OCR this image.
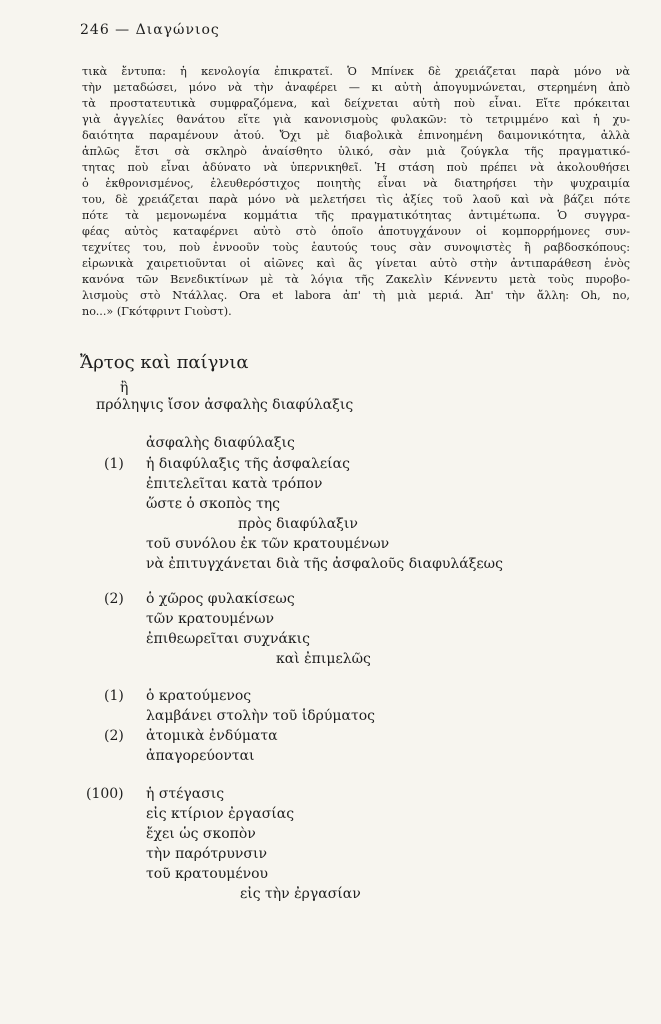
246 — Διαγώνιος
τικὰ ἔντυπα: ἡ κενολογία ἐπικρατεῖ. Ὁ Μπίνεκ δὲ χρειάζεται παρὰ μόνο νὰ
τὴν μεταδώσει, μόνο νὰ τὴν ἀναφέρει — κι αὐτὴ ἀπογυμνώνεται, στερημένη ἀπὸ
τὰ προστατευτικὰ συμφραζόμενα, καὶ δείχνεται αὐτὴ ποὺ εἶναι. Εἴτε πρόκειται
γιὰ ἀγγελίες θανάτου εἴτε γιὰ κανονισμοὺς φυλακῶν: τὸ τετριμμένο καὶ ἡ χυ-
δαιότητα παραμένουν ἀτού. Ὄχι μὲ διαβολικὰ ἐπινοημένη δαιμονικότητα, ἀλλὰ
ἁπλῶς ἔτσι σὰ σκληρὸ ἀναίσθητο ὑλικό, σὰν μιὰ ζούγκλα τῆς πραγματικό-
τητας ποὺ εἶναι ἀδύνατο νὰ ὑπερνικηθεῖ. Ἡ στάση ποὺ πρέπει νὰ ἀκολουθήσει
ὁ ἐκθρονισμένος, ἐλευθερόστιχος ποιητὴς εἶναι νὰ διατηρήσει τὴν ψυχραιμία
του, δὲ χρειάζεται παρὰ μόνο νὰ μελετήσει τὶς ἀξίες τοῦ λαοῦ καὶ νὰ βάζει πότε
πότε τὰ μεμονωμένα κομμάτια τῆς πραγματικότητας ἀντιμέτωπα. Ὁ συγγρα-
φέας αὐτὸς καταφέρνει αὐτὸ στὸ ὁποῖο ἀποτυγχάνουν οἱ κομπορρήμονες συν-
τεχνίτες του, ποὺ ἐννοοῦν τοὺς ἑαυτούς τους σὰν συνοψιστὲς ἢ ραβδοσκόπους:
εἰρωνικὰ χαιρετιοῦνται οἱ αἰῶνες καὶ ἂς γίνεται αὐτὸ στὴν ἀντιπαράθεση ἑνὸς
κανόνα τῶν Βενεδικτίνων μὲ τὰ λόγια τῆς Ζακελὶν Κέννεντυ μετὰ τοὺς πυροβο-
λισμοὺς στὸ Ντάλλας. Ora et labora ἀπ' τὴ μιὰ μεριά. Ἀπ' τὴν ἄλλη: Oh, no,
no...» (Γκότφριντ Γιοὺστ).
Ἄρτος καὶ παίγνια
ἢ
πρόληψις ἴσον ἀσφαλὴς διαφύλαξις
(1)
(2)
(1)
(2)
(100)
ἀσφαλὴς διαφύλαξις
ἡ διαφύλαξις τῆς ἀσφαλείας
ἐπιτελεῖται κατὰ τρόπον
ὥστε ὁ σκοπὸς της
πρὸς διαφύλαξιν
τοῦ συνόλου ἐκ τῶν κρατουμένων
νὰ ἐπιτυγχάνεται διὰ τῆς ἀσφαλοῦς διαφυλάξεως
ὁ χῶρος φυλακίσεως
τῶν κρατουμένων
ἐπιθεωρεῖται συχνάκις
καὶ ἐπιμελῶς
ὁ κρατούμενος
λαμβάνει στολὴν τοῦ ἱδρύματος
ἀτομικὰ ἐνδύματα
ἀπαγορεύονται
ἡ στέγασις
εἰς κτίριον ἐργασίας
ἔχει ὡς σκοπὸν
τὴν παρότρυνσιν
τοῦ κρατουμένου
εἰς τὴν ἐργασίαν
